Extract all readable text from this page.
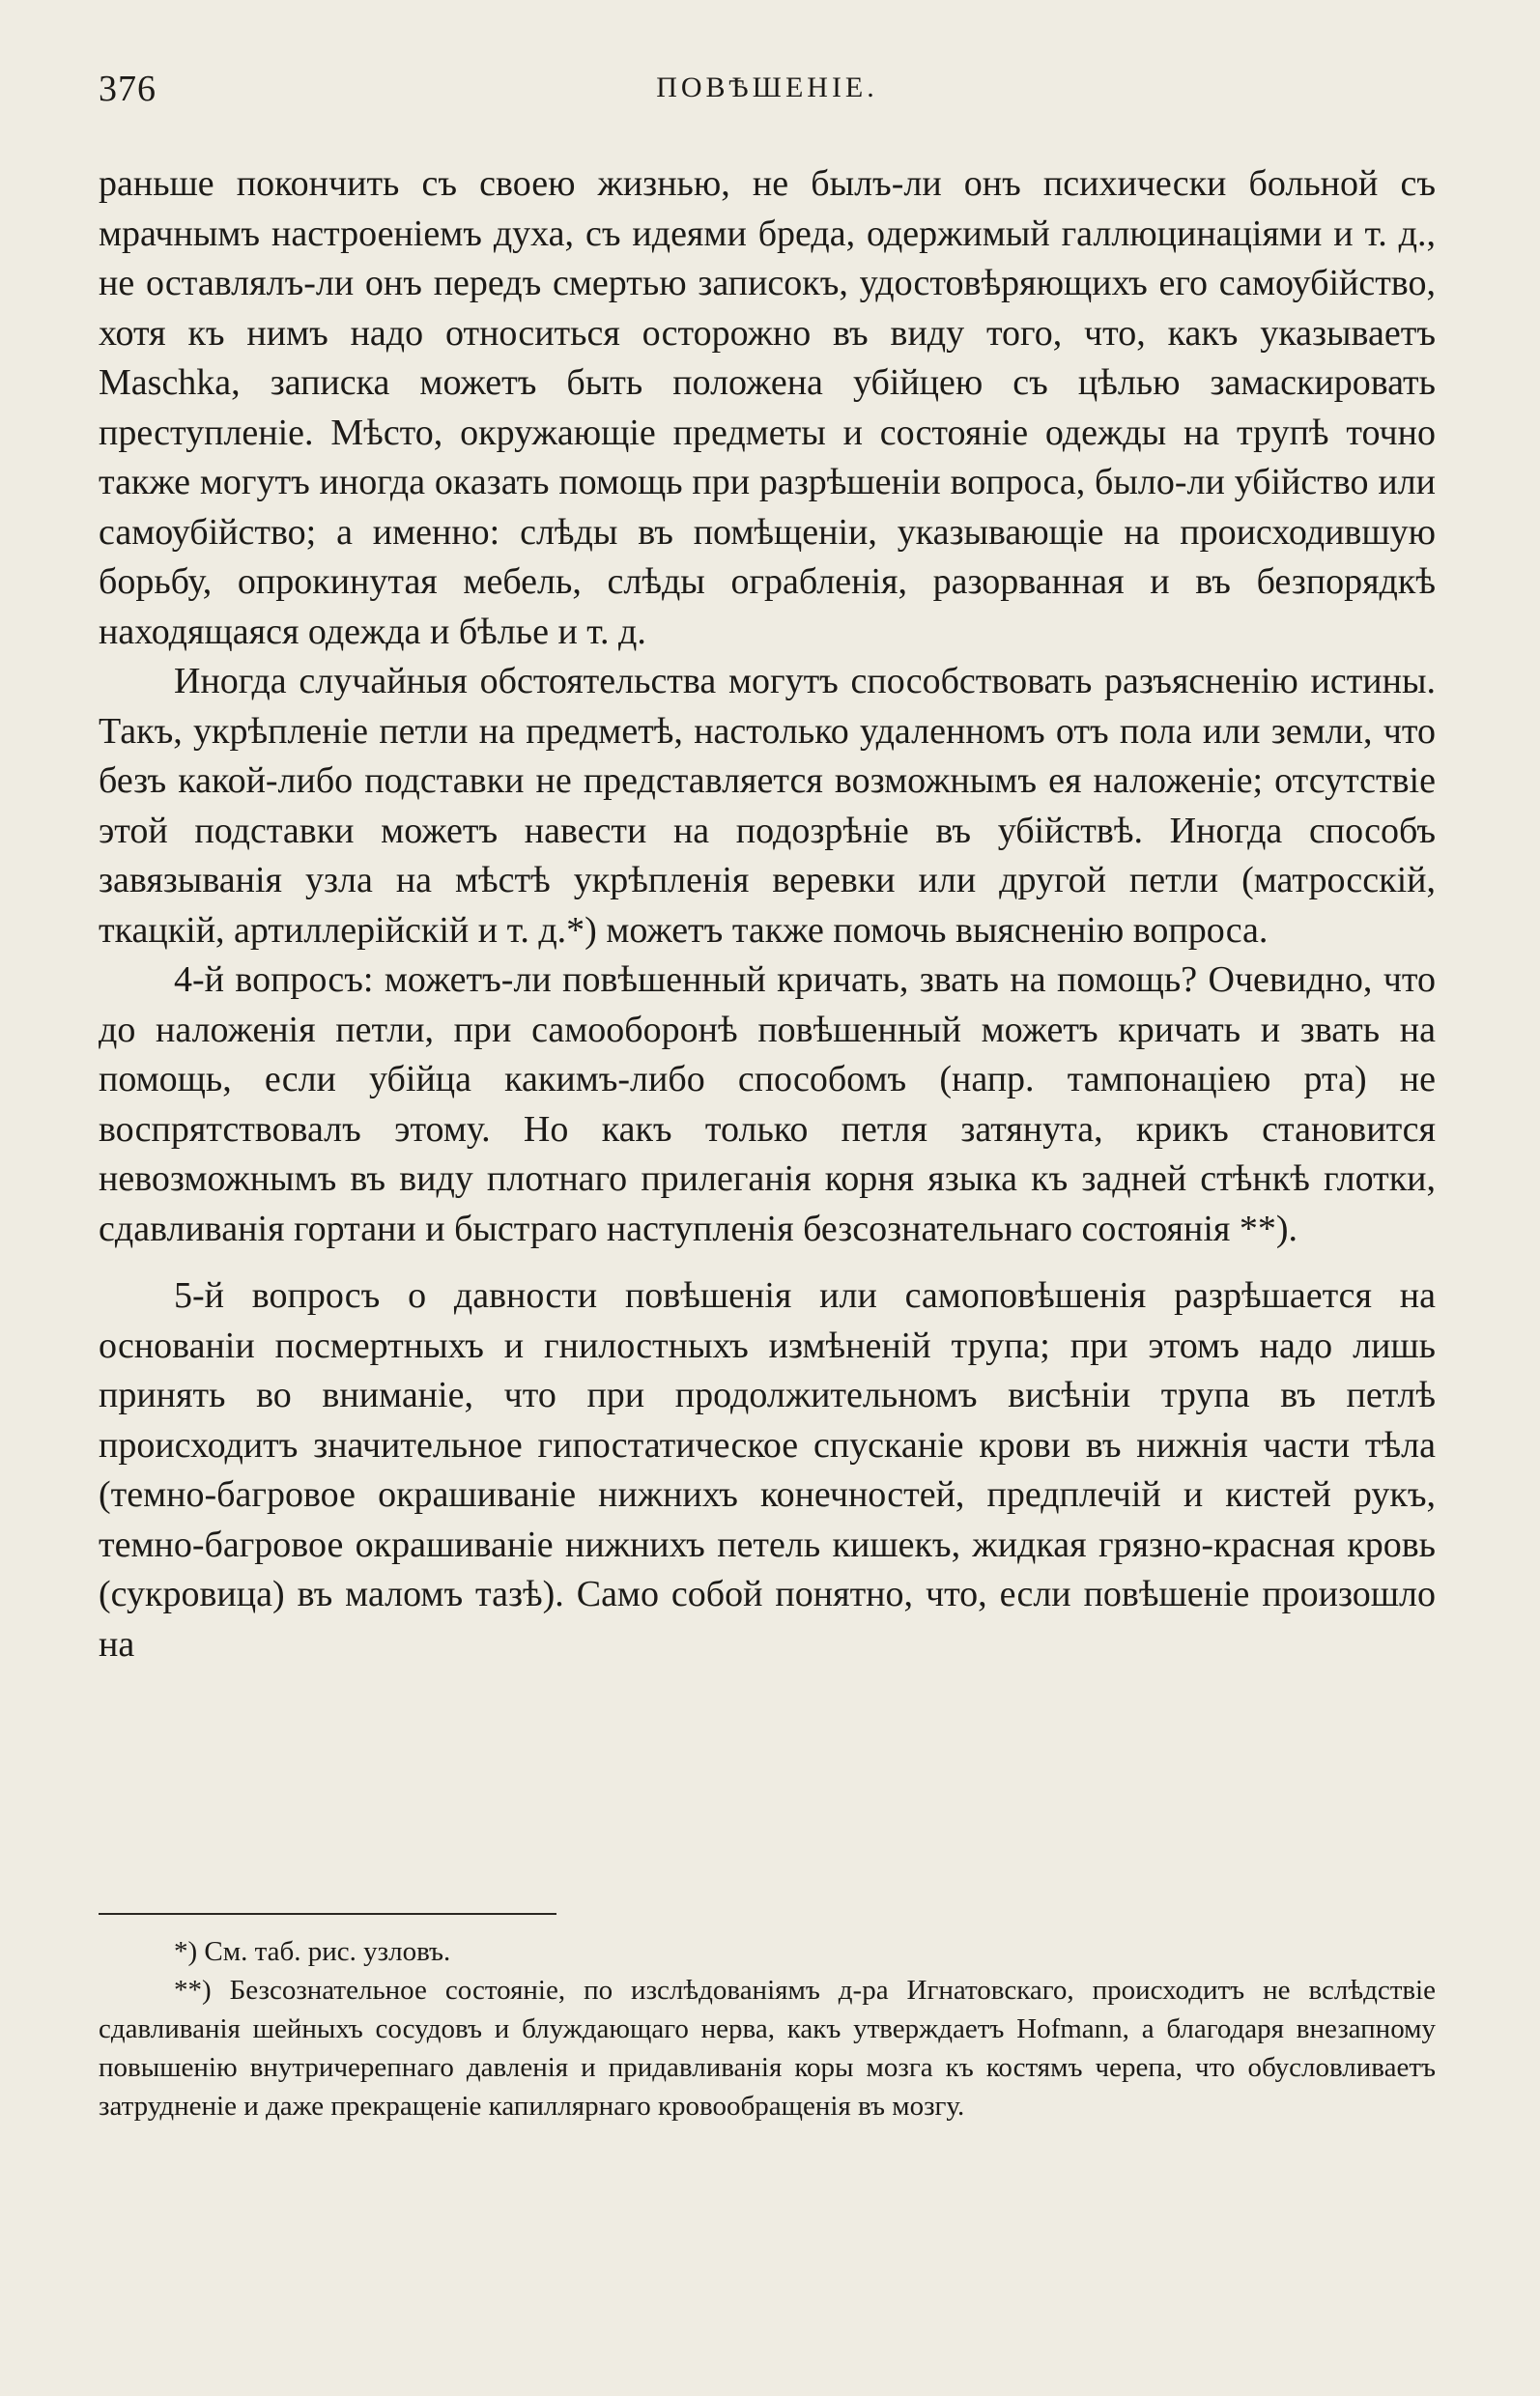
376	ПОВѢШЕНІЕ.

раньше покончить съ своею жизнью, не былъ-ли онъ психически больной съ мрачнымъ настроеніемъ духа, съ идеями бреда, одержимый галлюцинаціями и т. д., не оставлялъ-ли онъ передъ смертью записокъ, удостовѣряющихъ его самоубійство, хотя къ нимъ надо относиться осторожно въ виду того, что, какъ указываетъ Maschka, записка можетъ быть положена убійцею съ цѣлью замаскировать преступленіе. Мѣсто, окружающіе предметы и состояніе одежды на трупѣ точно также могутъ иногда оказать помощь при разрѣшеніи вопроса, было-ли убійство или самоубійство; а именно: слѣды въ помѣщеніи, указывающіе на происходившую борьбу, опрокинутая мебель, слѣды ограбленія, разорванная и въ безпорядкѣ находящаяся одежда и бѣлье и т. д.

Иногда случайныя обстоятельства могутъ способствовать разъясненію истины. Такъ, укрѣпленіе петли на предметѣ, настолько удаленномъ отъ пола или земли, что безъ какой-либо подставки не представляется возможнымъ ея наложеніе; отсутствіе этой подставки можетъ навести на подозрѣніе въ убійствѣ. Иногда способъ завязыванія узла на мѣстѣ укрѣпленія веревки или другой петли (матросскій, ткацкій, артиллерійскій и т. д.*) можетъ также помочь выясненію вопроса.

4-й вопросъ: можетъ-ли повѣшенный кричать, звать на помощь? Очевидно, что до наложенія петли, при самооборонѣ повѣшенный можетъ кричать и звать на помощь, если убійца какимъ-либо способомъ (напр. тампонаціею рта) не воспрятствовалъ этому. Но какъ только петля затянута, крикъ становится невозможнымъ въ виду плотнаго прилеганія корня языка къ задней стѣнкѣ глотки, сдавливанія гортани и быстраго наступленія безсознательнаго состоянія **).

5-й вопросъ о давности повѣшенія или самоповѣшенія разрѣшается на основаніи посмертныхъ и гнилостныхъ измѣненій трупа; при этомъ надо лишь принять во вниманіе, что при продолжительномъ висѣніи трупа въ петлѣ происходитъ значительное гипостатическое спусканіе крови въ нижнія части тѣла (темно-багровое окрашиваніе нижнихъ конечностей, предплечій и кистей рукъ, темно-багровое окрашиваніе нижнихъ петель кишекъ, жидкая грязно-красная кровь (сукровица) въ маломъ тазѣ). Само собой понятно, что, если повѣшеніе произошло на

*) См. таб. рис. узловъ.

**) Безсознательное состояніе, по изслѣдованіямъ д-ра Игнатовскаго, происходитъ не вслѣдствіе сдавливанія шейныхъ сосудовъ и блуждающаго нерва, какъ утверждаетъ Hofmann, а благодаря внезапному повышенію внутричерепнаго давленія и придавливанія коры мозга къ костямъ черепа, что обусловливаетъ затрудненіе и даже прекращеніе капиллярнаго кровообращенія въ мозгу.
